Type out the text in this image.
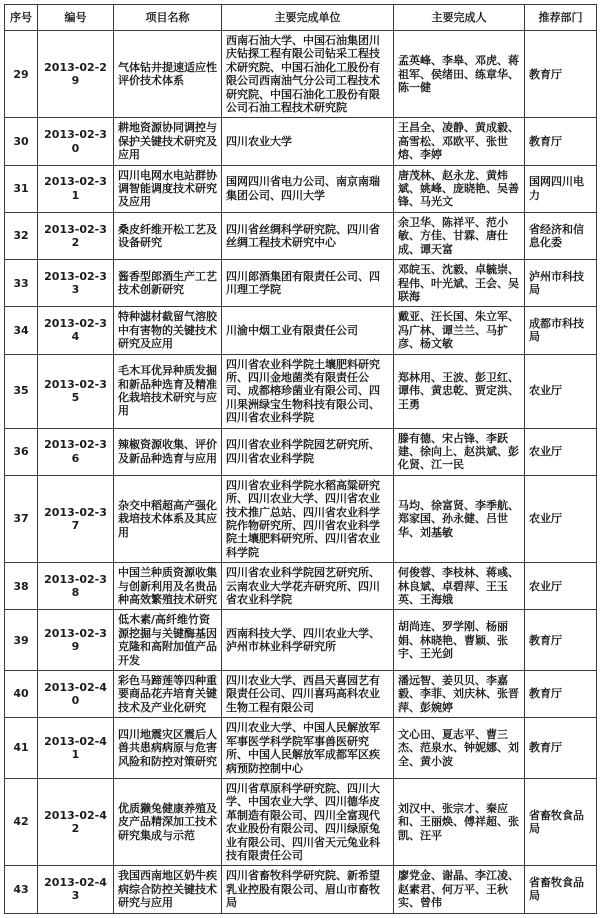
序号	编号	项目名称	主要完成单位	主要完成人	推荐部门
29	2013-02-29	气体钻井提速适应性评价技术体系	西南石油大学、中国石油集团川庆钻探工程有限公司钻采工程技术研究院、中国石油化工股份有限公司西南油气分公司工程技术研究院、中国石油化工股份有限公司石油工程技术研究院	孟英峰、李皋、邓虎、蒋祖军、侯绪田、练章华、陈一健	教育厅
30	2013-02-30	耕地资源协同调控与保护关键技术研究及应用	四川农业大学	王昌全、凌静、黄成毅、高雪松、邓欧平、张世熔、李婷	教育厅
31	2013-02-31	四川电网水电站群协调智能调度技术研究及应用	国网四川省电力公司、南京南瑞集团公司、四川大学	唐茂林、赵永龙、黄炜斌、姚峰、庞晓艳、吴善锋、马光文	国网四川电力
32	2013-02-32	桑皮纤维开松工艺及设备研究	四川省丝绸科学研究院、四川省丝绸工程技术研究中心	余卫华、陈祥平、范小敏、方佳、甘霖、唐仕成、谭天富	省经济和信息化委
33	2013-02-33	酱香型郎酒生产工艺技术创新研究	四川郎酒集团有限责任公司、四川理工学院	邓皖玉、沈毅、卓毓崇、程伟、叶光斌、王会、吴联海	泸州市科技局
34	2013-02-34	特种滤材截留气溶胶中有害物的关键技术研究及应用	川渝中烟工业有限责任公司	戴亚、汪长国、朱立军、冯广林、谭兰兰、马扩彦、杨文敏	成都市科技局
35	2013-02-35	毛木耳优异种质发掘和新品种选育及精准化栽培技术研究与应用	四川省农业科学院土壤肥料研究所、四川金地菌类有限责任公司、成都榕珍菌业有限公司、四川果洲绿宝生物科技有限公司、四川省农业科学院	郑林用、王波、彭卫红、谭伟、黄忠乾、贾定洪、王勇	农业厅
36	2013-02-36	辣椒资源收集、评价及新品种选育与应用	四川省农业科学院园艺研究所、四川省农业科学院	滕有德、宋占锋、李跃建、徐向上、赵洪斌、彭化贤、江一民	农业厅
37	2013-02-37	杂交中稻超高产强化栽培技术体系及其应用	四川省农业科学院水稻高粱研究所、四川农业大学、四川省农业技术推广总站、四川省农业科学院作物研究所、四川省农业科学院土壤肥料研究所、四川省农业科学院	马均、徐富贤、李季航、郑家国、孙永健、吕世华、刘基敏	农业厅
38	2013-02-38	中国兰种质资源收集与创新利用及名贵品种高效繁殖技术研究	四川省农业科学院园艺研究所、云南农业大学花卉研究所、四川省农业科学院	何俊蓉、李枝林、蒋彧、林良斌、卓碧萍、王玉英、王海娥	农业厅
39	2013-02-39	低木素/高纤维竹资源挖掘与关键酶基因克隆和高附加值产品开发	西南科技大学、四川农业大学、泸州市林业科学研究所	胡尚连、罗学刚、杨丽娟、林晓艳、曹颖、张宇、王光剑	教育厅
40	2013-02-40	彩色马蹄莲等四种重要商品花卉培育关键技术及产业化研究	四川农业大学、西昌天喜园艺有限责任公司、四川喜玛高科农业生物工程有限公司	潘远智、姜贝贝、李嘉毅、李菲、刘庆林、张晋萍、彭婉婷	教育厅
41	2013-02-41	四川地震灾区震后人兽共患病病原与危害风险和防控对策研究	四川农业大学、中国人民解放军军事医学科学院军事兽医研究所、中国人民解放军成都军区疾病预防控制中心	文心田、夏志平、曹三杰、范泉水、钟妮娜、刘全、黄小波	教育厅
42	2013-02-42	优质獭兔健康养殖及皮产品精深加工技术研究集成与示范	四川省草原科学研究院、四川大学、中国农业大学、四川德华皮革制造有限公司、四川全富现代农业股份有限公司、四川绿原兔业有限公司、四川省天元兔业科技有限责任公司	刘汉中、张宗才、秦应和、王丽焕、傅祥超、张凯、汪平	省畜牧食品局
43	2013-02-43	我国西南地区奶牛疾病综合防控关键技术研究与应用	四川省畜牧科学研究院、新希望乳业控股有限公司、眉山市畜牧局	廖党金、谢晶、李江凌、赵素君、何万平、王秋实、曾伟	省畜牧食品局
